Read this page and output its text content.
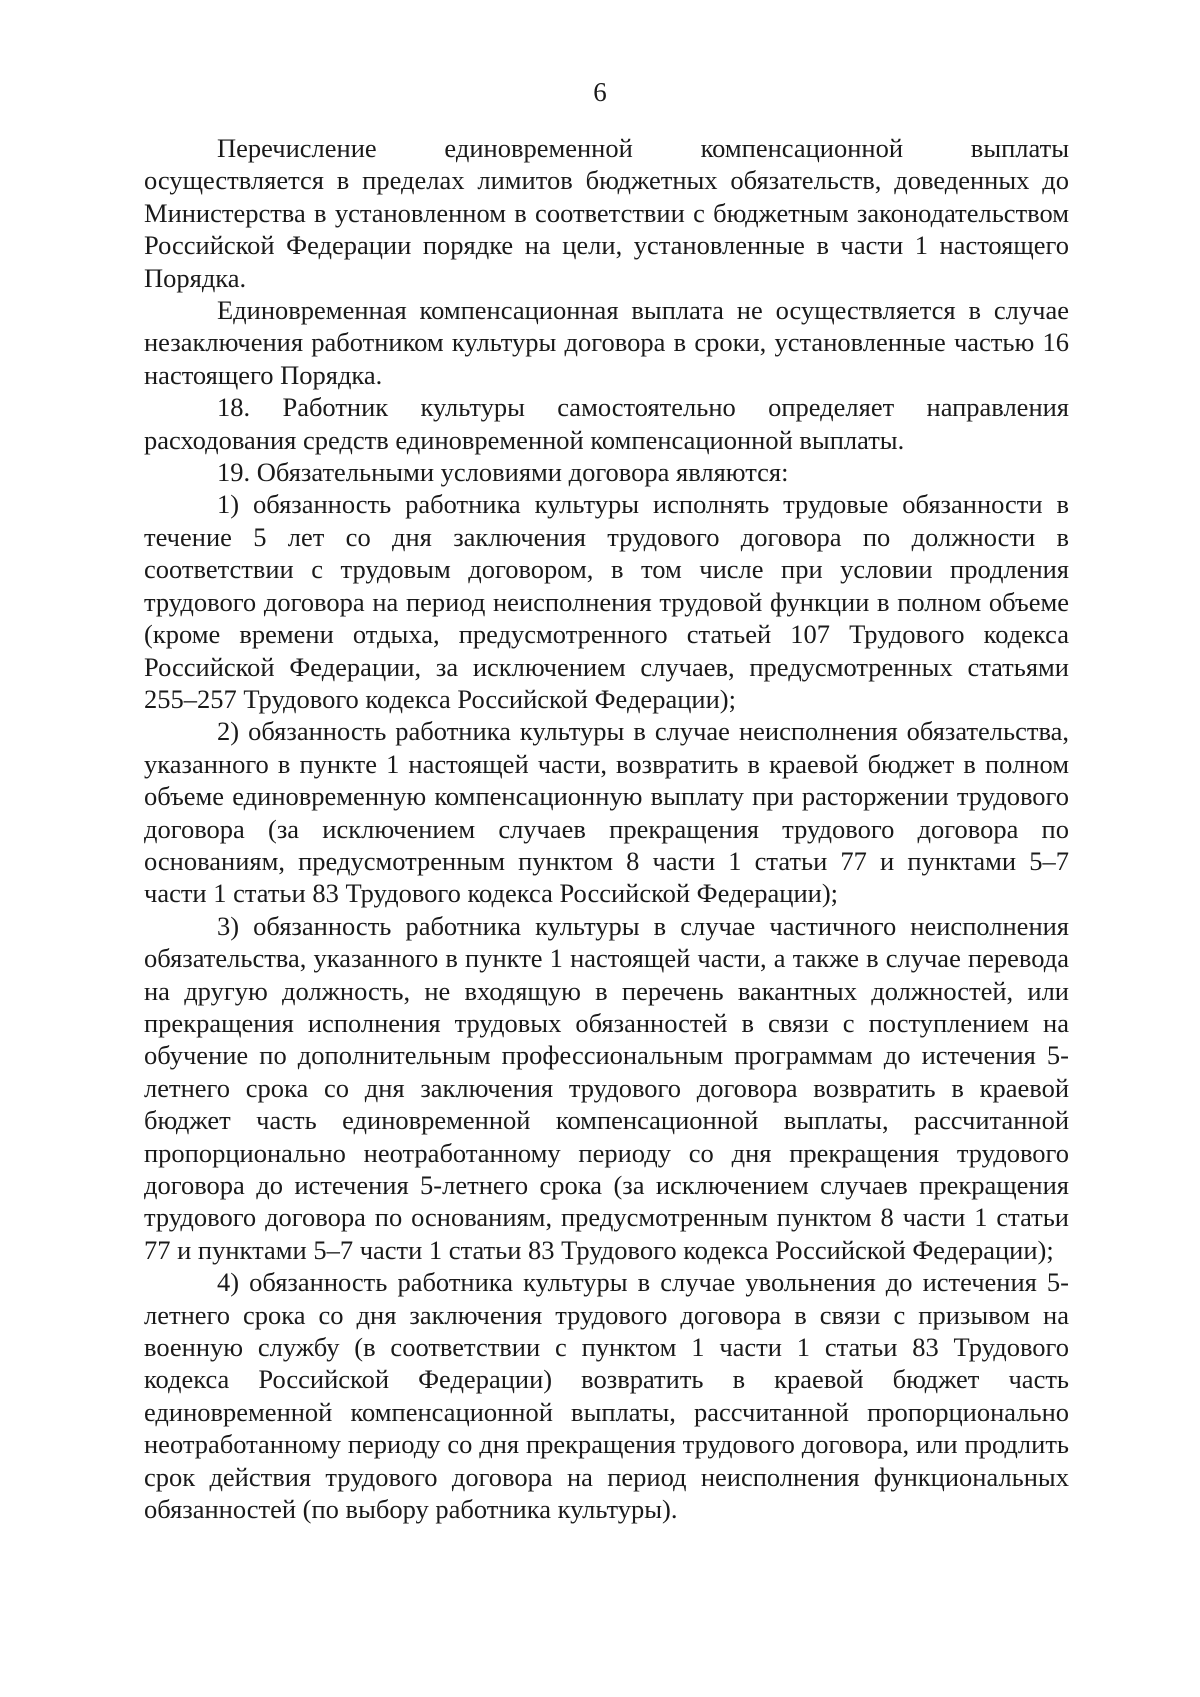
6

Перечисление единовременной компенсационной выплаты осуществляется в пределах лимитов бюджетных обязательств, доведенных до Министерства в установленном в соответствии с бюджетным законодательством Российской Федерации порядке на цели, установленные в части 1 настоящего Порядка.

Единовременная компенсационная выплата не осуществляется в случае незаключения работником культуры договора в сроки, установленные частью 16 настоящего Порядка.

18. Работник культуры самостоятельно определяет направления расходования средств единовременной компенсационной выплаты.

19. Обязательными условиями договора являются:

1) обязанность работника культуры исполнять трудовые обязанности в течение 5 лет со дня заключения трудового договора по должности в соответствии с трудовым договором, в том числе при условии продления трудового договора на период неисполнения трудовой функции в полном объеме (кроме времени отдыха, предусмотренного статьей 107 Трудового кодекса Российской Федерации, за исключением случаев, предусмотренных статьями 255–257 Трудового кодекса Российской Федерации);

2) обязанность работника культуры в случае неисполнения обязательства, указанного в пункте 1 настоящей части, возвратить в краевой бюджет в полном объеме единовременную компенсационную выплату при расторжении трудового договора (за исключением случаев прекращения трудового договора по основаниям, предусмотренным пунктом 8 части 1 статьи 77 и пунктами 5–7 части 1 статьи 83 Трудового кодекса Российской Федерации);

3) обязанность работника культуры в случае частичного неисполнения обязательства, указанного в пункте 1 настоящей части, а также в случае перевода на другую должность, не входящую в перечень вакантных должностей, или прекращения исполнения трудовых обязанностей в связи с поступлением на обучение по дополнительным профессиональным программам до истечения 5-летнего срока со дня заключения трудового договора возвратить в краевой бюджет часть единовременной компенсационной выплаты, рассчитанной пропорционально неотработанному периоду со дня прекращения трудового договора до истечения 5-летнего срока (за исключением случаев прекращения трудового договора по основаниям, предусмотренным пунктом 8 части 1 статьи 77 и пунктами 5–7 части 1 статьи 83 Трудового кодекса Российской Федерации);

4) обязанность работника культуры в случае увольнения до истечения 5-летнего срока со дня заключения трудового договора в связи с призывом на военную службу (в соответствии с пунктом 1 части 1 статьи 83 Трудового кодекса Российской Федерации) возвратить в краевой бюджет часть единовременной компенсационной выплаты, рассчитанной пропорционально неотработанному периоду со дня прекращения трудового договора, или продлить срок действия трудового договора на период неисполнения функциональных обязанностей (по выбору работника культуры).
